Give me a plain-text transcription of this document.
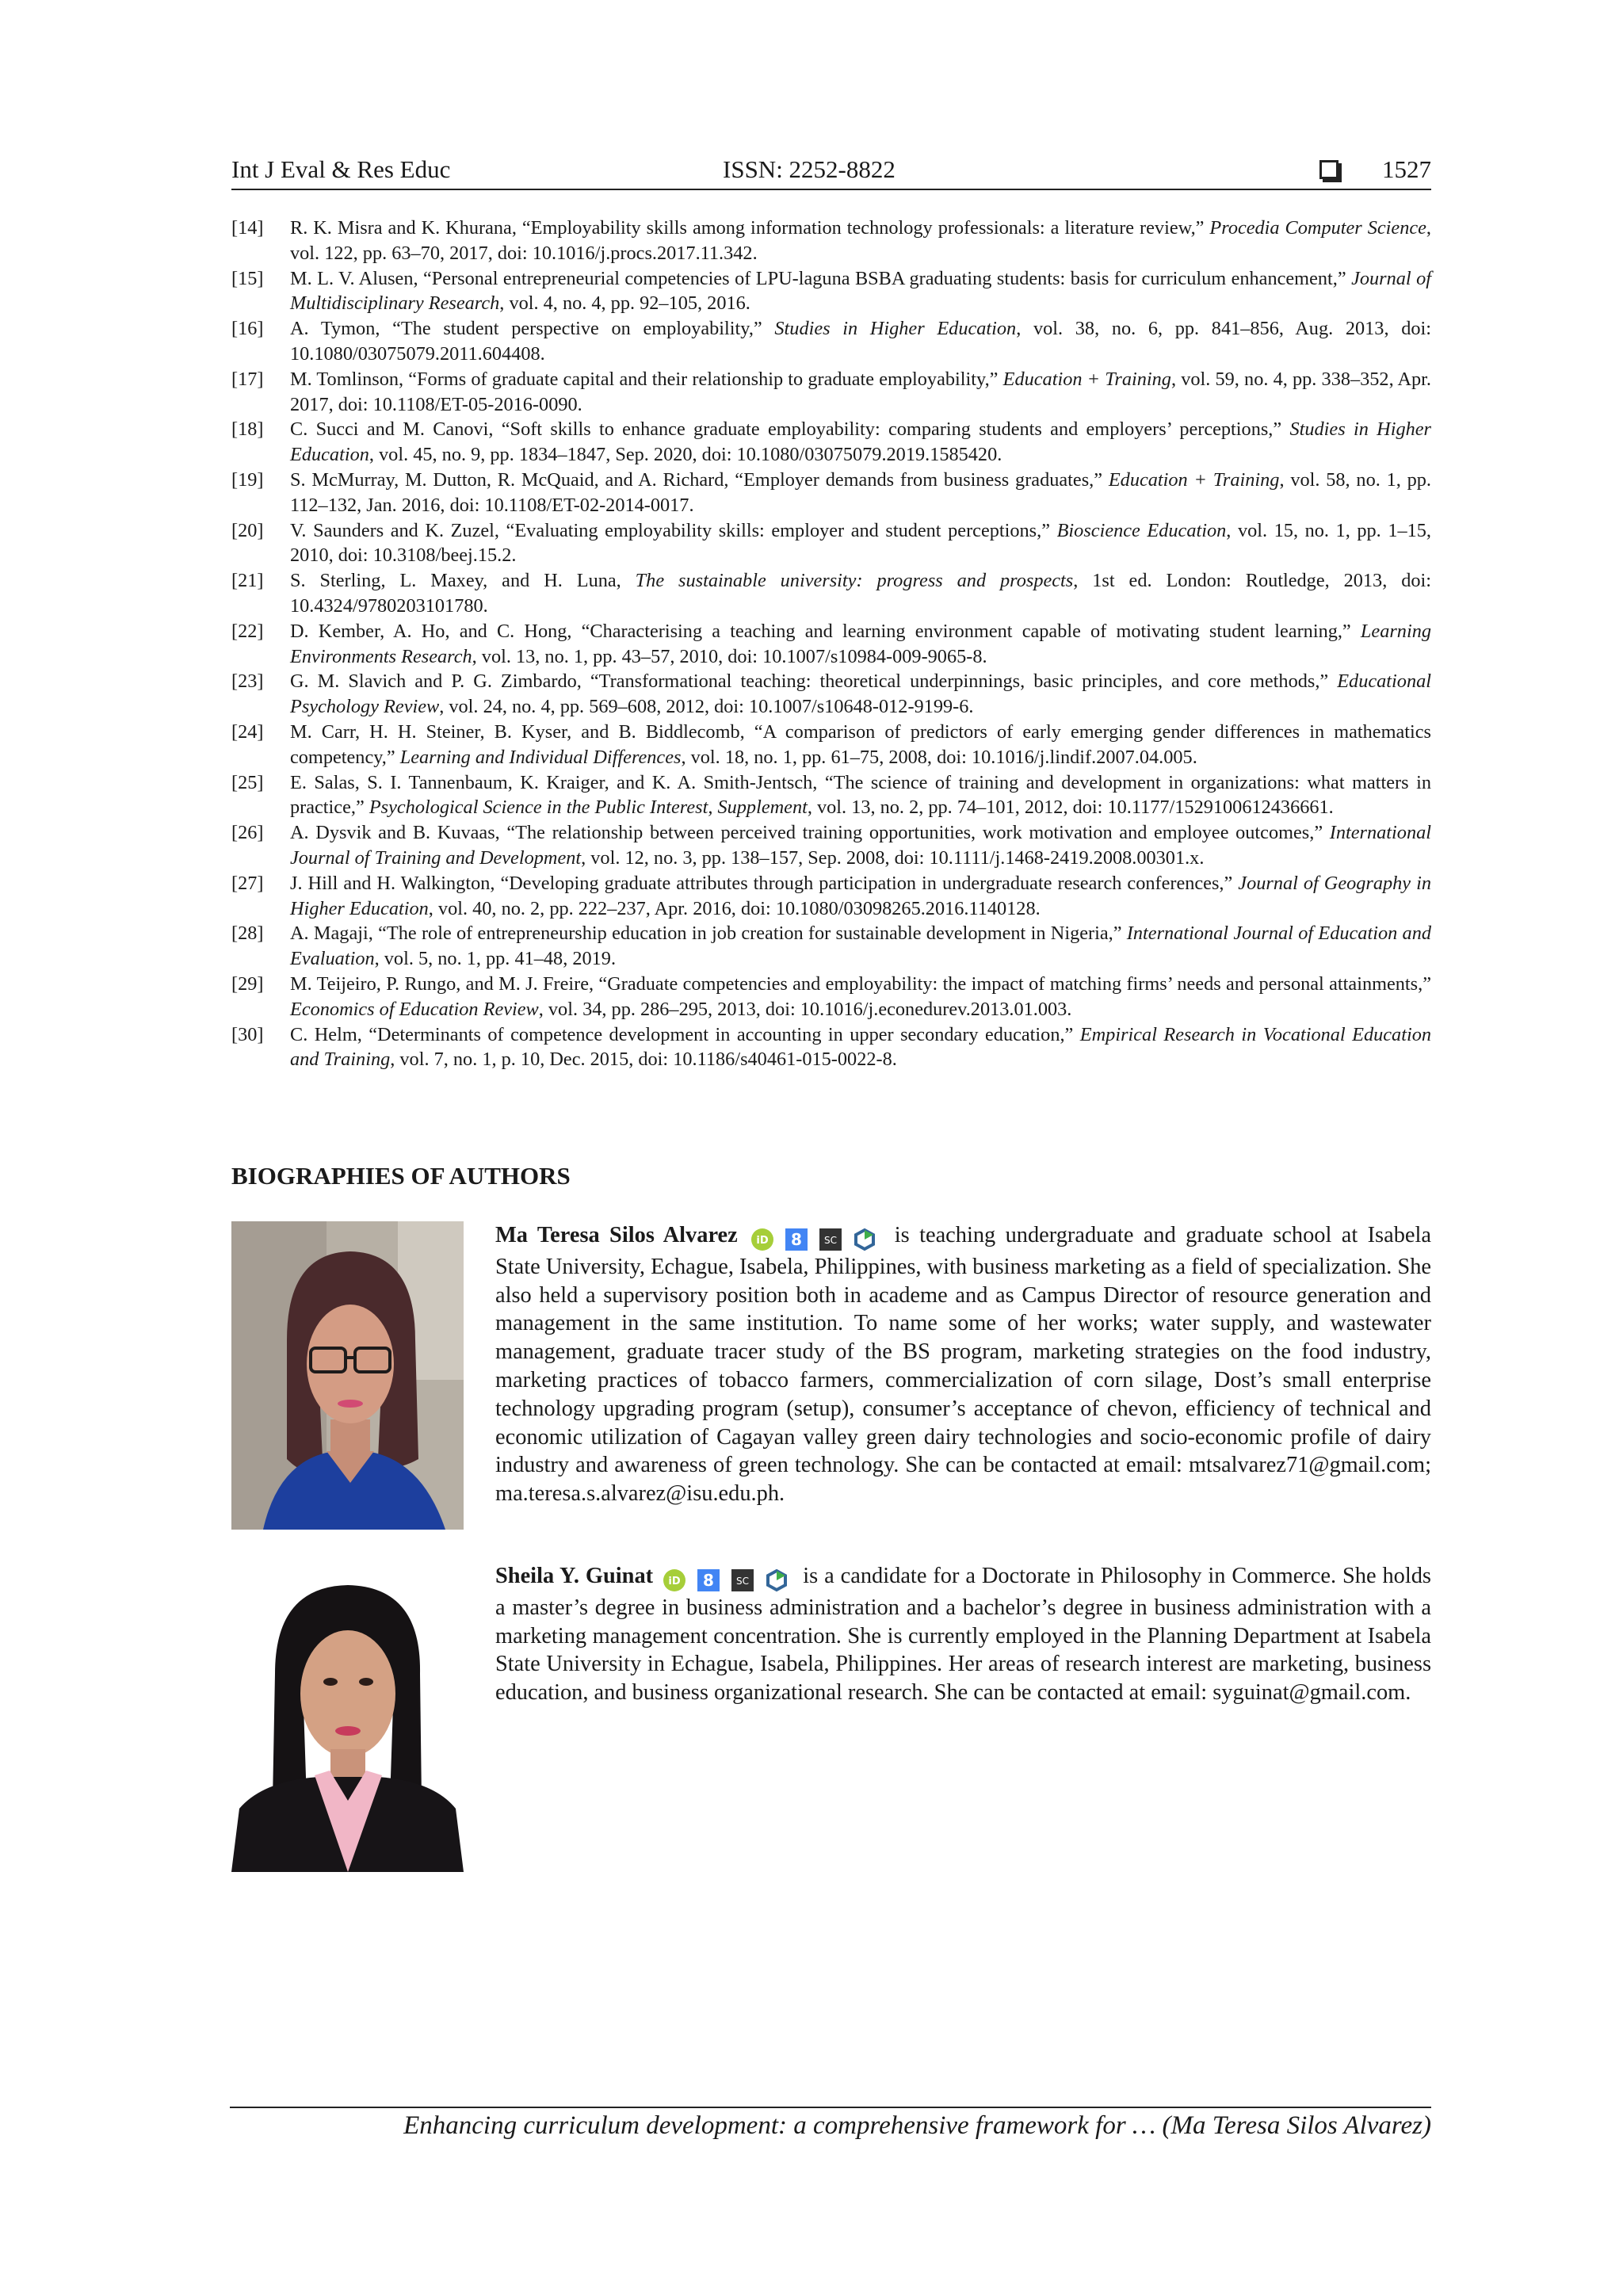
Int J Eval & Res Educ	ISSN: 2252-8822	1527
[14]	R. K. Misra and K. Khurana, “Employability skills among information technology professionals: a literature review,” Procedia Computer Science, vol. 122, pp. 63–70, 2017, doi: 10.1016/j.procs.2017.11.342.
[15]	M. L. V. Alusen, “Personal entrepreneurial competencies of LPU-laguna BSBA graduating students: basis for curriculum enhancement,” Journal of Multidisciplinary Research, vol. 4, no. 4, pp. 92–105, 2016.
[16]	A. Tymon, “The student perspective on employability,” Studies in Higher Education, vol. 38, no. 6, pp. 841–856, Aug. 2013, doi: 10.1080/03075079.2011.604408.
[17]	M. Tomlinson, “Forms of graduate capital and their relationship to graduate employability,” Education + Training, vol. 59, no. 4, pp. 338–352, Apr. 2017, doi: 10.1108/ET-05-2016-0090.
[18]	C. Succi and M. Canovi, “Soft skills to enhance graduate employability: comparing students and employers’ perceptions,” Studies in Higher Education, vol. 45, no. 9, pp. 1834–1847, Sep. 2020, doi: 10.1080/03075079.2019.1585420.
[19]	S. McMurray, M. Dutton, R. McQuaid, and A. Richard, “Employer demands from business graduates,” Education + Training, vol. 58, no. 1, pp. 112–132, Jan. 2016, doi: 10.1108/ET-02-2014-0017.
[20]	V. Saunders and K. Zuzel, “Evaluating employability skills: employer and student perceptions,” Bioscience Education, vol. 15, no. 1, pp. 1–15, 2010, doi: 10.3108/beej.15.2.
[21]	S. Sterling, L. Maxey, and H. Luna, The sustainable university: progress and prospects, 1st ed. London: Routledge, 2013, doi: 10.4324/9780203101780.
[22]	D. Kember, A. Ho, and C. Hong, “Characterising a teaching and learning environment capable of motivating student learning,” Learning Environments Research, vol. 13, no. 1, pp. 43–57, 2010, doi: 10.1007/s10984-009-9065-8.
[23]	G. M. Slavich and P. G. Zimbardo, “Transformational teaching: theoretical underpinnings, basic principles, and core methods,” Educational Psychology Review, vol. 24, no. 4, pp. 569–608, 2012, doi: 10.1007/s10648-012-9199-6.
[24]	M. Carr, H. H. Steiner, B. Kyser, and B. Biddlecomb, “A comparison of predictors of early emerging gender differences in mathematics competency,” Learning and Individual Differences, vol. 18, no. 1, pp. 61–75, 2008, doi: 10.1016/j.lindif.2007.04.005.
[25]	E. Salas, S. I. Tannenbaum, K. Kraiger, and K. A. Smith-Jentsch, “The science of training and development in organizations: what matters in practice,” Psychological Science in the Public Interest, Supplement, vol. 13, no. 2, pp. 74–101, 2012, doi: 10.1177/1529100612436661.
[26]	A. Dysvik and B. Kuvaas, “The relationship between perceived training opportunities, work motivation and employee outcomes,” International Journal of Training and Development, vol. 12, no. 3, pp. 138–157, Sep. 2008, doi: 10.1111/j.1468-2419.2008.00301.x.
[27]	J. Hill and H. Walkington, “Developing graduate attributes through participation in undergraduate research conferences,” Journal of Geography in Higher Education, vol. 40, no. 2, pp. 222–237, Apr. 2016, doi: 10.1080/03098265.2016.1140128.
[28]	A. Magaji, “The role of entrepreneurship education in job creation for sustainable development in Nigeria,” International Journal of Education and Evaluation, vol. 5, no. 1, pp. 41–48, 2019.
[29]	M. Teijeiro, P. Rungo, and M. J. Freire, “Graduate competencies and employability: the impact of matching firms’ needs and personal attainments,” Economics of Education Review, vol. 34, pp. 286–295, 2013, doi: 10.1016/j.econedurev.2013.01.003.
[30]	C. Helm, “Determinants of competence development in accounting in upper secondary education,” Empirical Research in Vocational Education and Training, vol. 7, no. 1, p. 10, Dec. 2015, doi: 10.1186/s40461-015-0022-8.
BIOGRAPHIES OF AUTHORS
Ma Teresa Silos Alvarez iD
8
SC	is teaching undergraduate and graduate school at Isabela State University, Echague, Isabela, Philippines, with business marketing as a field of specialization. She also held a supervisory position both in academe and as Campus Director of resource generation and management in the same institution. To name some of her works; water supply, and wastewater management, graduate tracer study of the BS program, marketing strategies on the food industry, marketing practices of tobacco farmers, commercialization of corn silage, Dost’s small enterprise technology upgrading program (setup), consumer’s acceptance of chevon, efficiency of technical and economic utilization of Cagayan valley green dairy technologies and socio-economic profile of dairy industry and awareness of green technology. She can be contacted at email: mtsalvarez71@gmail.com; ma.teresa.s.alvarez@isu.edu.ph.
Sheila Y. Guinat iD
8
SC is a candidate for a Doctorate in Philosophy in Commerce. She holds a master’s degree in business administration and a bachelor’s degree in business administration with a marketing management concentration. She is currently employed in the Planning Department at Isabela State University in Echague, Isabela, Philippines. Her areas of research interest are marketing, business education, and business organizational research. She can be contacted at email: syguinat@gmail.com.
Enhancing curriculum development: a comprehensive framework for … (Ma Teresa Silos Alvarez)
